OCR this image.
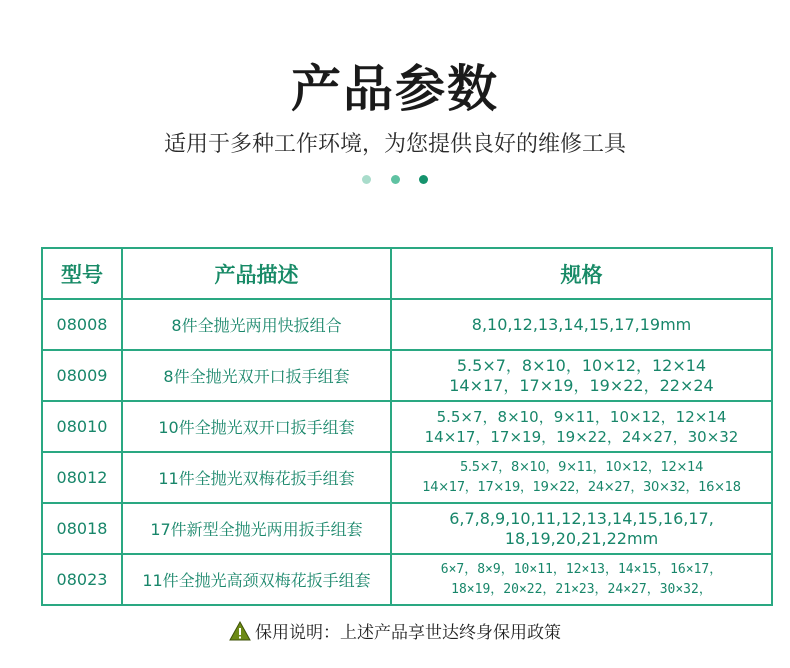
产品参数
适用于多种工作环境，为您提供良好的维修工具
型号	产品描述	规格
08008	8件全抛光两用快扳组合	8,10,12,13,14,15,17,19mm

08009	8件全抛光双开口扳手组套	5.5×7，8×10，10×12，12×14
14×17，17×19，19×22，22×24

08010	10件全抛光双开口扳手组套	5.5×7，8×10，9×11，10×12，12×14
14×17，17×19，19×22，24×27，30×32

08012	11件全抛光双梅花扳手组套	5.5×7，8×10，9×11，10×12，12×14
14×17，17×19，19×22，24×27，30×32，16×18

08018	17件新型全抛光两用扳手组套	6,7,8,9,10,11,12,13,14,15,16,17,
18,19,20,21,22mm

08023	11件全抛光高颈双梅花扳手组套	6×7，8×9，10×11，12×13，14×15，16×17，
18×19，20×22，21×23，24×27，30×32，
保用说明：上述产品享世达终身保用政策
